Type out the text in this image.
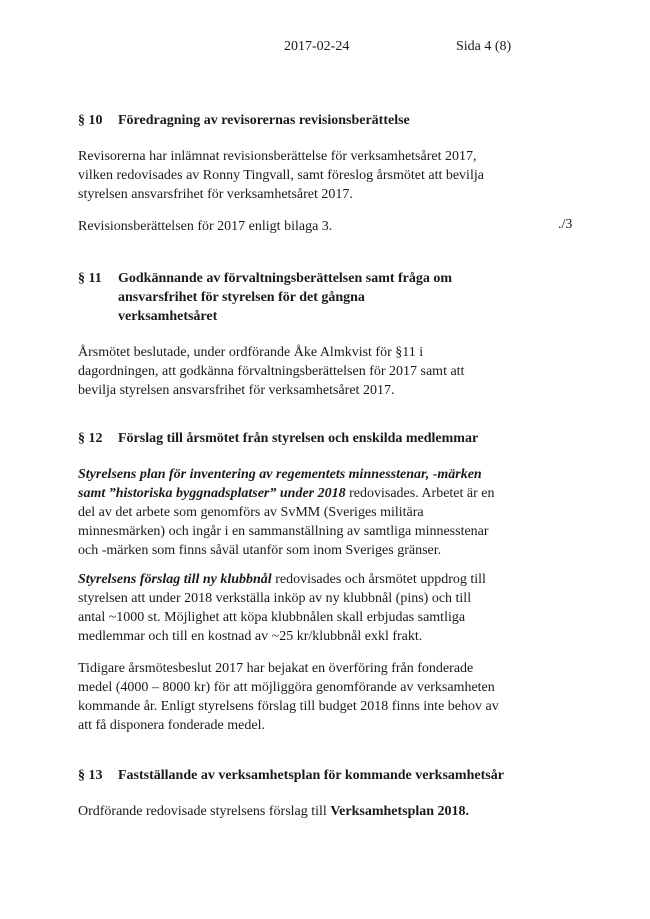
2017-02-24	Sida 4 (8)
§ 10 Föredragning av revisorernas revisionsberättelse

Revisorerna har inlämnat revisionsberättelse för verksamhetsåret 2017,

vilken redovisades av Ronny Tingvall, samt föreslog årsmötet att bevilja

styrelsen ansvarsfrihet för verksamhetsåret 2017.

Revisionsberättelsen för 2017 enligt bilaga 3.	./3
§ 11 Godkännande av förvaltningsberättelsen samt fråga om
ansvarsfrihet för styrelsen för det gångna
verksamhetsåret

Årsmötet beslutade, under ordförande Åke Almkvist för §11 i

dagordningen, att godkänna förvaltningsberättelsen för 2017 samt att

bevilja styrelsen ansvarsfrihet för verksamhetsåret 2017.

§ 12 Förslag till årsmötet från styrelsen och enskilda medlemmar

Styrelsens plan för inventering av regementets minnesstenar, -märken

samt ”historiska byggnadsplatser” under 2018 redovisades. Arbetet är en

del av det arbete som genomförs av SvMM (Sveriges militära

minnesmärken) och ingår i en sammanställning av samtliga minnesstenar

och -märken som finns såväl utanför som inom Sveriges gränser.

Styrelsens förslag till ny klubbnål redovisades och årsmötet uppdrog till

styrelsen att under 2018 verkställa inköp av ny klubbnål (pins) och till

antal ~1000 st. Möjlighet att köpa klubbnålen skall erbjudas samtliga

medlemmar och till en kostnad av ~25 kr/klubbnål exkl frakt.

Tidigare årsmötesbeslut 2017 har bejakat en överföring från fonderade

medel (4000 – 8000 kr) för att möjliggöra genomförande av verksamheten

kommande år. Enligt styrelsens förslag till budget 2018 finns inte behov av

att få disponera fonderade medel.

§ 13 Fastställande av verksamhetsplan för kommande verksamhetsår

Ordförande redovisade styrelsens förslag till Verksamhetsplan 2018.
